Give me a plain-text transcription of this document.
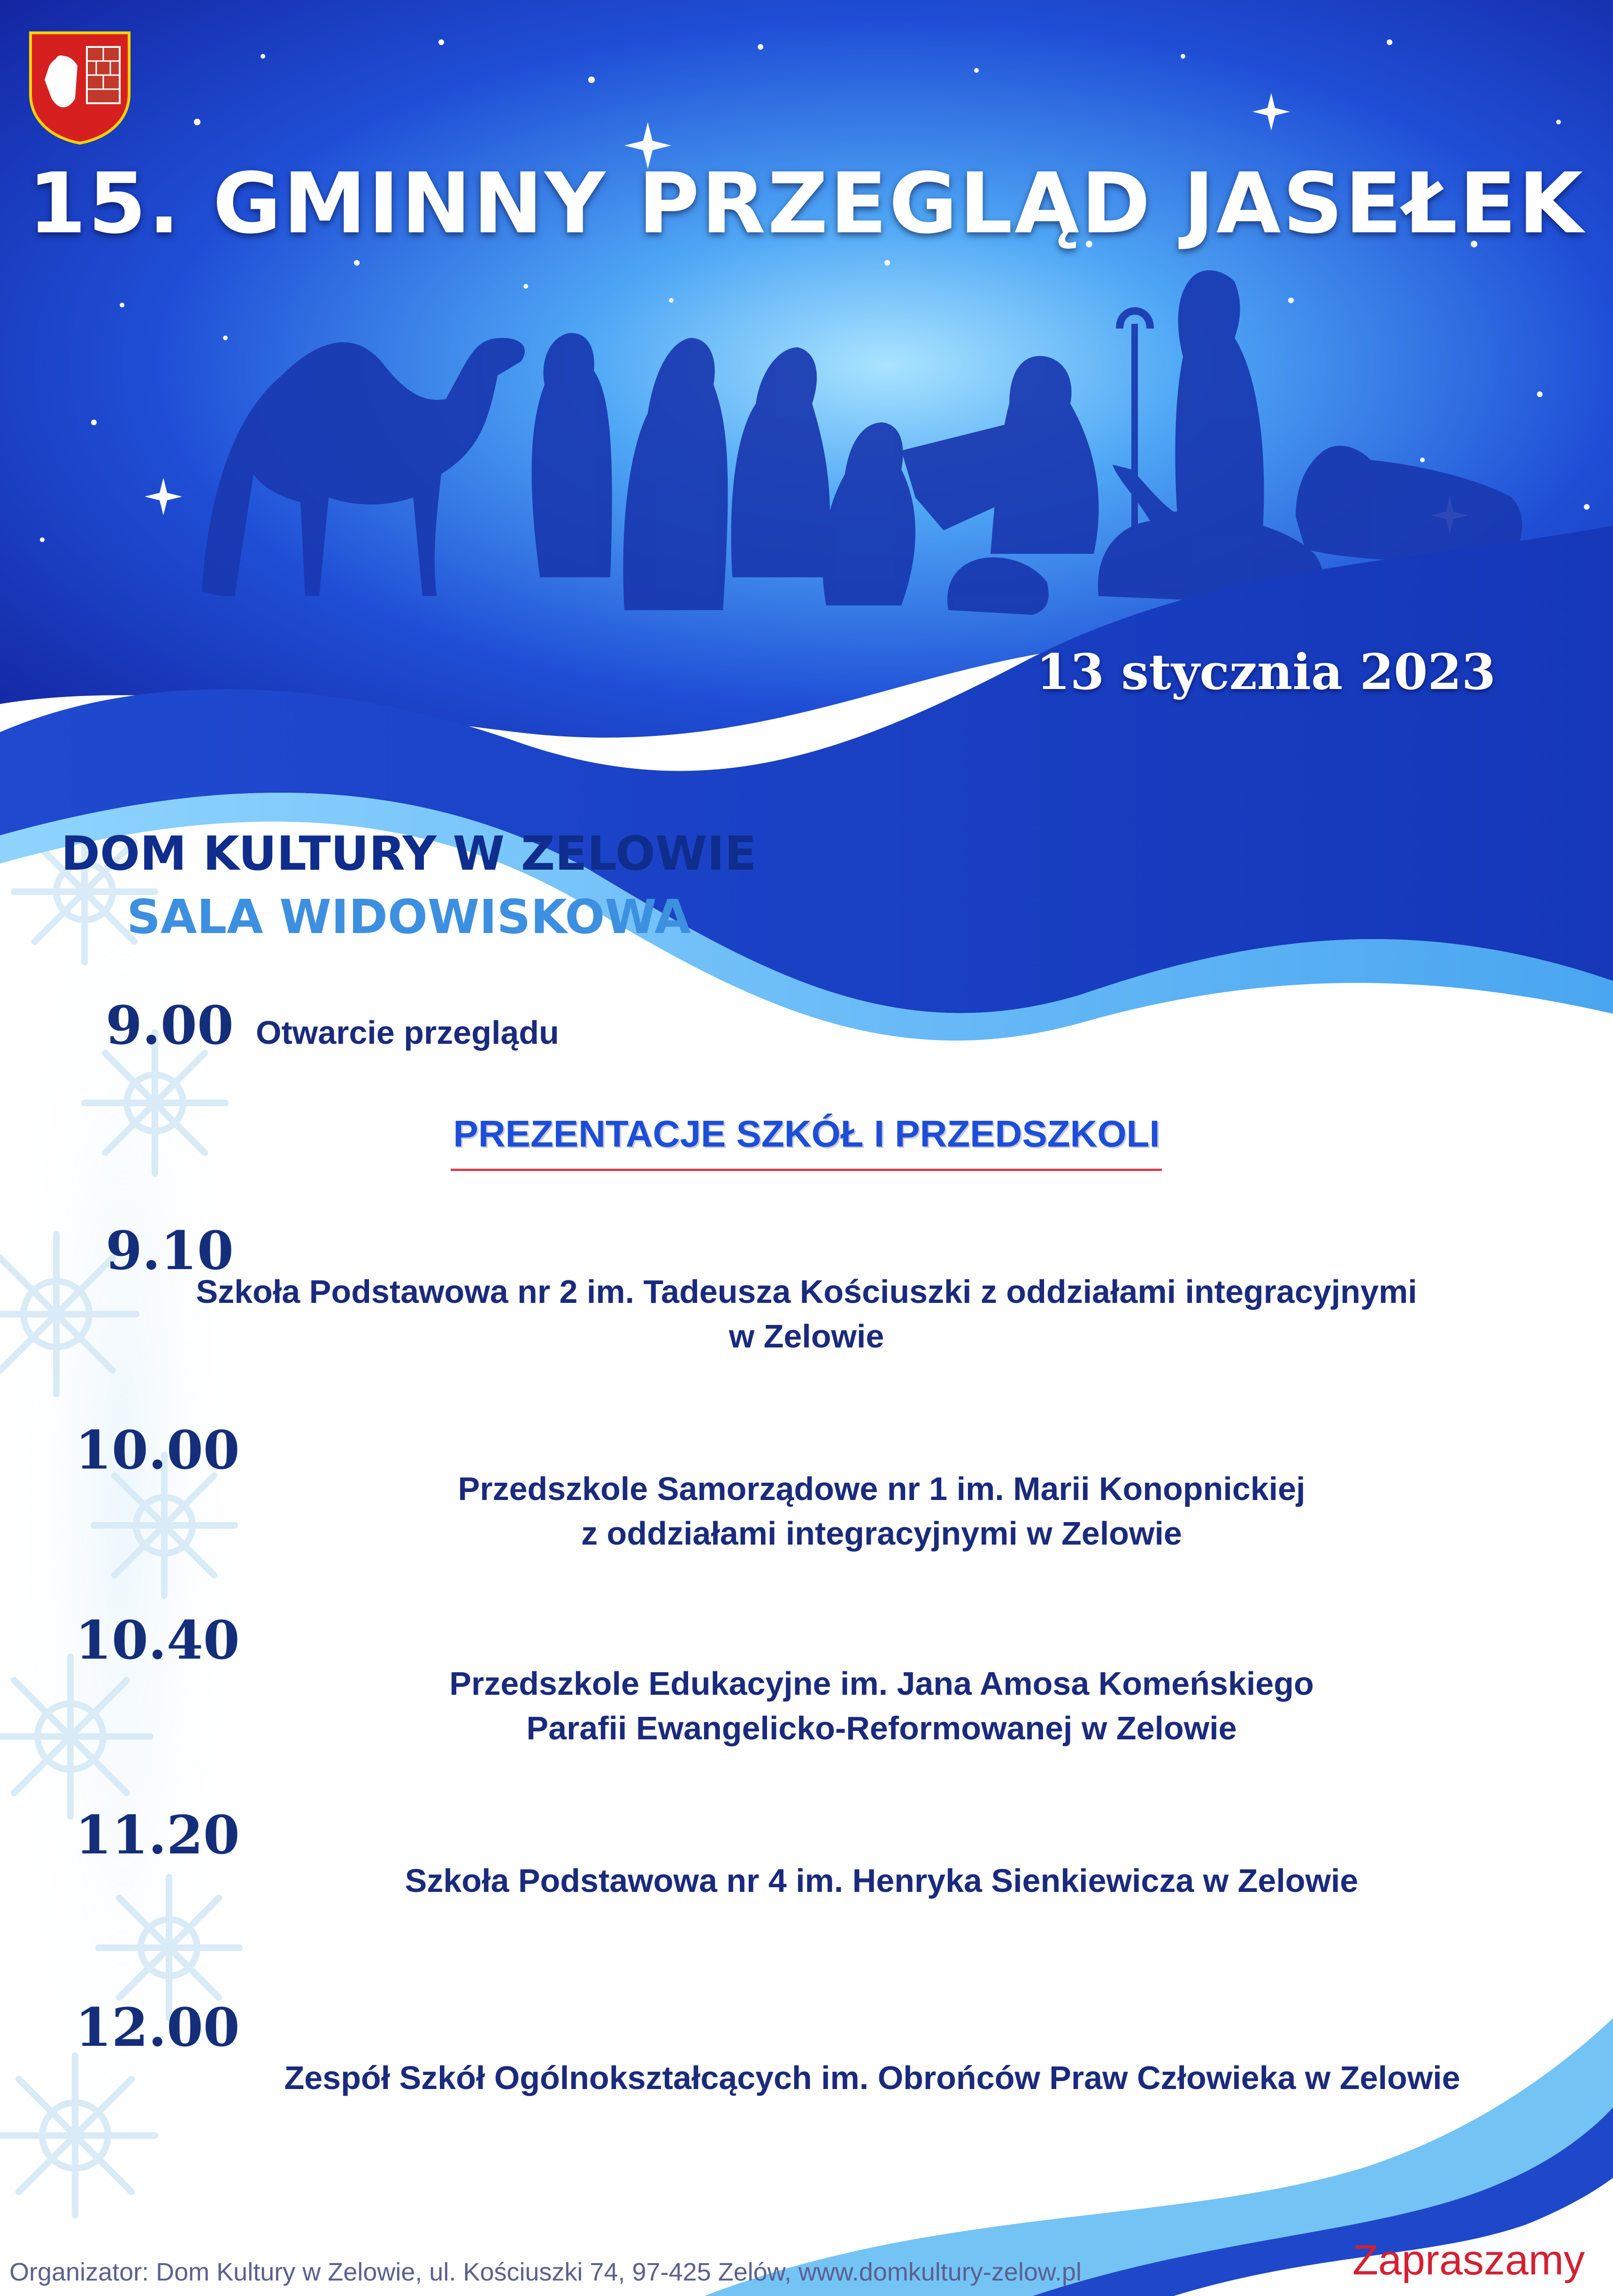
15. GMINNY PRZEGLĄD JASEŁEK
13 stycznia 2023
DOM KULTURY W ZELOWIE
SALA WIDOWISKOWA
9.00 Otwarcie przeglądu
PREZENTACJE SZKÓŁ I PRZEDSZKOLI
9.10
Szkoła Podstawowa nr 2 im. Tadeusza Kościuszki z oddziałami integracyjnymi
w Zelowie
10.00
Przedszkole Samorządowe nr 1 im. Marii Konopnickiej
z oddziałami integracyjnymi w Zelowie
10.40
Przedszkole Edukacyjne im. Jana Amosa Komeńskiego
Parafii Ewangelicko-Reformowanej w Zelowie
11.20
Szkoła Podstawowa nr 4 im. Henryka Sienkiewicza w Zelowie
12.00
Zespół Szkół Ogólnokształcących im. Obrońców Praw Człowieka w Zelowie
Organizator: Dom Kultury w Zelowie, ul. Kościuszki 74, 97-425 Zelów, www.domkultury-zelow.pl	Zapraszamy
